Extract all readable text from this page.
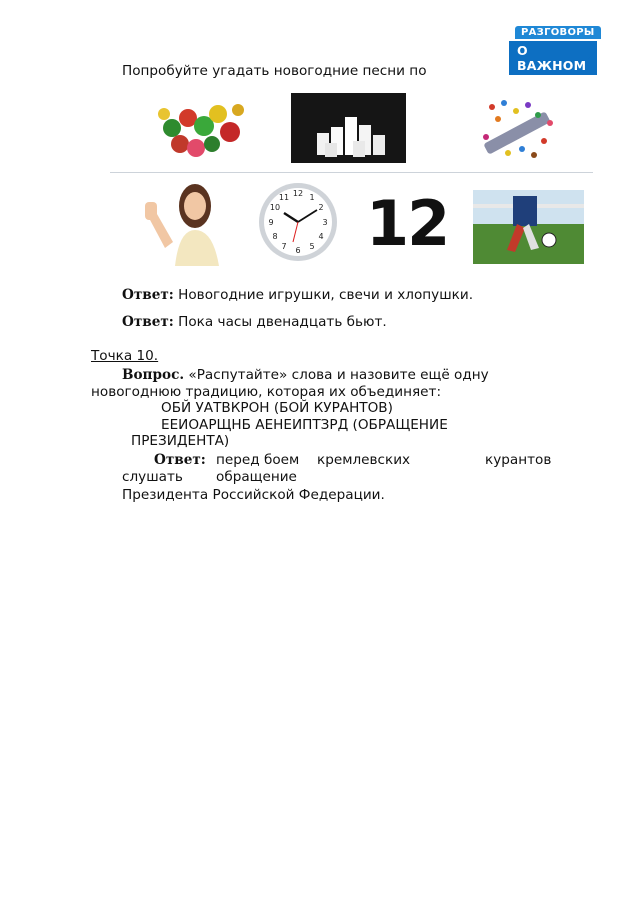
РАЗГОВОРЫ
О ВАЖНОМ
Попробуйте угадать новогодние песни по
12 1
2
3
4
5
6
7
8
9
10
11 12
Ответ: Новогодние игрушки, свечи и хлопушки.
Ответ: Пока часы двенадцать бьют.
Точка 10.
Вопрос. «Распутайте» слова и назовите ещё одну
новогоднюю традицию, которая их объединяет:
ОБЙ УАТВКРОН (БОЙ КУРАНТОВ)
ЕЕИОАРЩНБ АЕНЕИПТЗРД (ОБРАЩЕНИЕ
ПРЕЗИДЕНТА)
Ответ: перед боем кремлевских	курантов
слушать обращение
Президента Российской Федерации.
